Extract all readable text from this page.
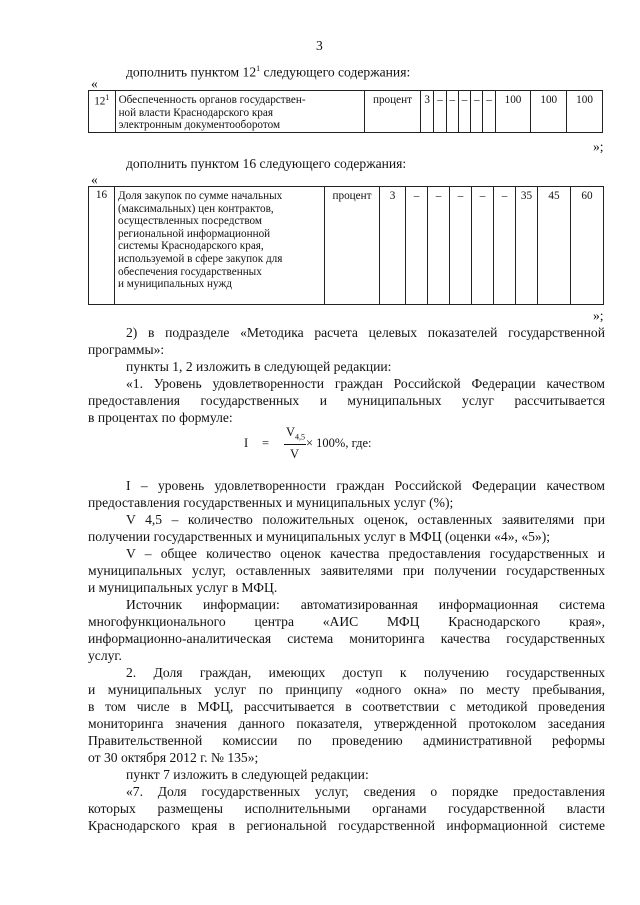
3
дополнить пунктом $12^1$ следующего содержания:
«
$12^1$	Обеспеченность органов государствен-
ной власти Краснодарского края
электронным документооборотом
	процент	3	–	–	–	–	–	100	100	100
»;
дополнить пунктом 16 следующего содержания:
«
16	Доля закупок по сумме начальных
(максимальных) цен контрактов,
осуществленных посредством
региональной информационной
системы Краснодарского края,
используемой в сфере закупок для
обеспечения государственных
и муниципальных нужд
	процент	3	–	–	–	–	–	35	45	60
»;
2) в подразделе «Методика расчета целевых показателей государственной
программы»:
пункты 1, 2 изложить в следующей редакции:
«1. Уровень удовлетворенности граждан Российской Федерации качеством
предоставления государственных и муниципальных услуг рассчитывается
в процентах по формуле:
I =
$V_{4,5}$
V
× 100%, где:
I – уровень удовлетворенности граждан Российской Федерации качеством
предоставления государственных и муниципальных услуг (%);
V 4,5 – количество положительных оценок, оставленных заявителями при
получении государственных и муниципальных услуг в МФЦ (оценки «4», «5»);
V – общее количество оценок качества предоставления государственных и
муниципальных услуг, оставленных заявителями при получении государственных
и муниципальных услуг в МФЦ.
Источник информации: автоматизированная информационная система
многофункционального центра «АИС МФЦ Краснодарского края»,
информационно-аналитическая система мониторинга качества государственных
услуг.
2. Доля граждан, имеющих доступ к получению государственных
и муниципальных услуг по принципу «одного окна» по месту пребывания,
в том числе в МФЦ, рассчитывается в соответствии с методикой проведения
мониторинга значения данного показателя, утвержденной протоколом заседания
Правительственной комиссии по проведению административной реформы
от 30 октября 2012 г. № 135»;
пункт 7 изложить в следующей редакции:
«7. Доля государственных услуг, сведения о порядке предоставления
которых размещены исполнительными органами государственной власти
Краснодарского края в региональной государственной информационной системе
